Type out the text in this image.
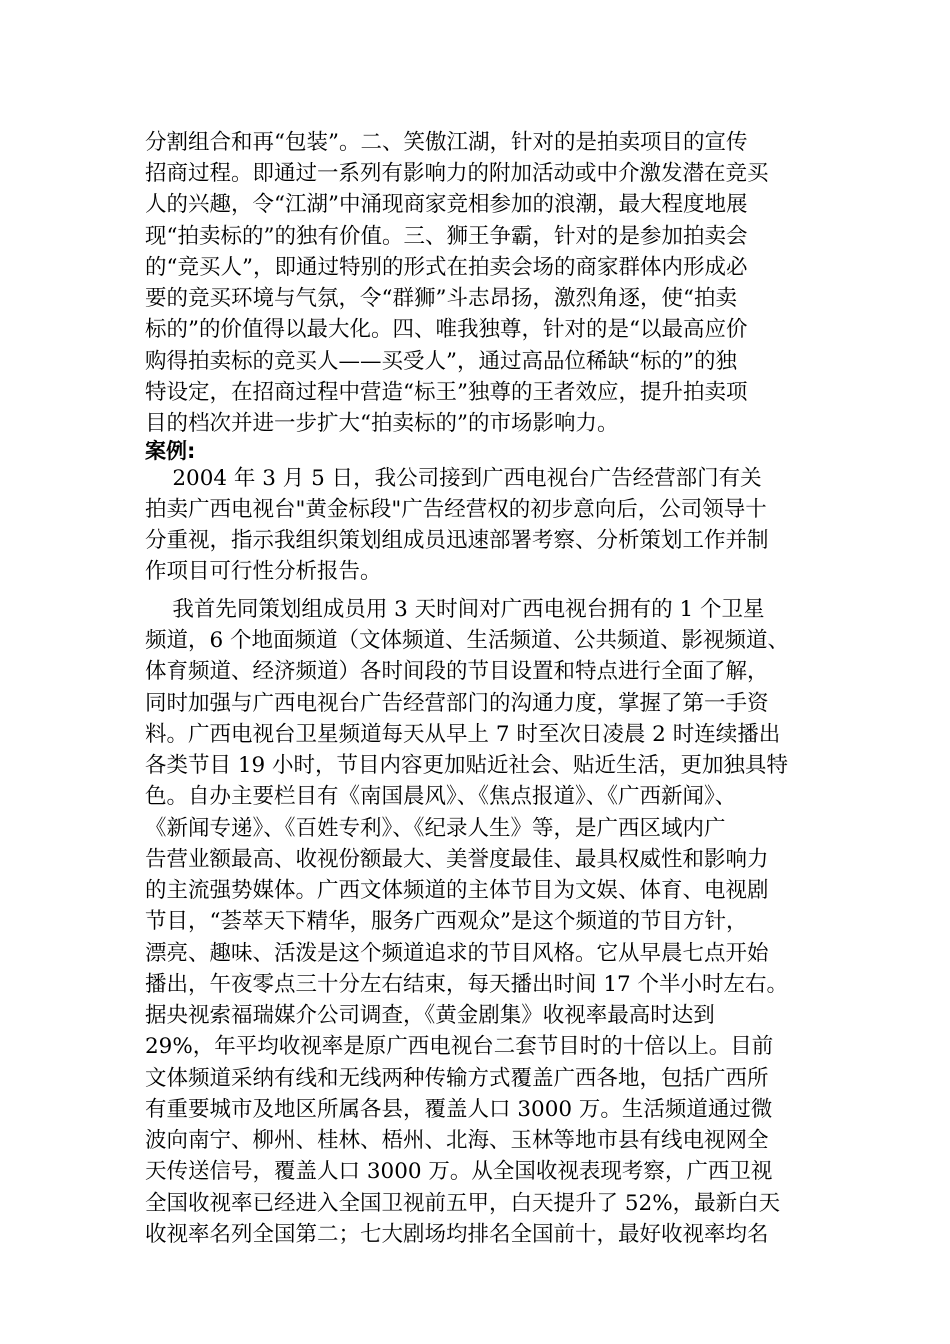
分割组合和再“包装”。二、笑傲江湖，针对的是拍卖项目的宣传
招商过程。即通过一系列有影响力的附加活动或中介激发潜在竞买
人的兴趣，令“江湖”中涌现商家竞相参加的浪潮，最大程度地展
现“拍卖标的”的独有价值。三、狮王争霸，针对的是参加拍卖会
的“竞买人”，即通过特别的形式在拍卖会场的商家群体内形成必
要的竞买环境与气氛，令“群狮”斗志昂扬，激烈角逐，使“拍卖
标的”的价值得以最大化。四、唯我独尊，针对的是“以最高应价
购得拍卖标的竞买人——买受人”，通过高品位稀缺“标的”的独
特设定，在招商过程中营造“标王”独尊的王者效应，提升拍卖项
目的档次并进一步扩大“拍卖标的”的市场影响力。
案例:
2004 年 3 月 5 日，我公司接到广西电视台广告经营部门有关
拍卖广西电视台"黄金标段"广告经营权的初步意向后，公司领导十
分重视，指示我组织策划组成员迅速部署考察、分析策划工作并制
作项目可行性分析报告。
我首先同策划组成员用 3 天时间对广西电视台拥有的 1 个卫星
频道，6 个地面频道（文体频道、生活频道、公共频道、影视频道、
体育频道、经济频道）各时间段的节目设置和特点进行全面了解，
同时加强与广西电视台广告经营部门的沟通力度，掌握了第一手资
料。广西电视台卫星频道每天从早上 7 时至次日凌晨 2 时连续播出
各类节目 19 小时，节目内容更加贴近社会、贴近生活，更加独具特
色。自办主要栏目有《南国晨风》、《焦点报道》、《广西新闻》、
《新闻专递》、《百姓专利》、《纪录人生》等，是广西区域内广
告营业额最高、收视份额最大、美誉度最佳、最具权威性和影响力
的主流强势媒体。广西文体频道的主体节目为文娱、体育、电视剧
节目，“荟萃天下精华，服务广西观众”是这个频道的节目方针，
漂亮、趣味、活泼是这个频道追求的节目风格。它从早晨七点开始
播出，午夜零点三十分左右结束，每天播出时间 17 个半小时左右。
据央视索福瑞媒介公司调查，《黄金剧集》收视率最高时达到
29%，年平均收视率是原广西电视台二套节目时的十倍以上。目前
文体频道采纳有线和无线两种传输方式覆盖广西各地，包括广西所
有重要城市及地区所属各县，覆盖人口 3000 万。生活频道通过微
波向南宁、柳州、桂林、梧州、北海、玉林等地市县有线电视网全
天传送信号，覆盖人口 3000 万。从全国收视表现考察，广西卫视
全国收视率已经进入全国卫视前五甲，白天提升了 52%，最新白天
收视率名列全国第二；七大剧场均排名全国前十，最好收视率均名
